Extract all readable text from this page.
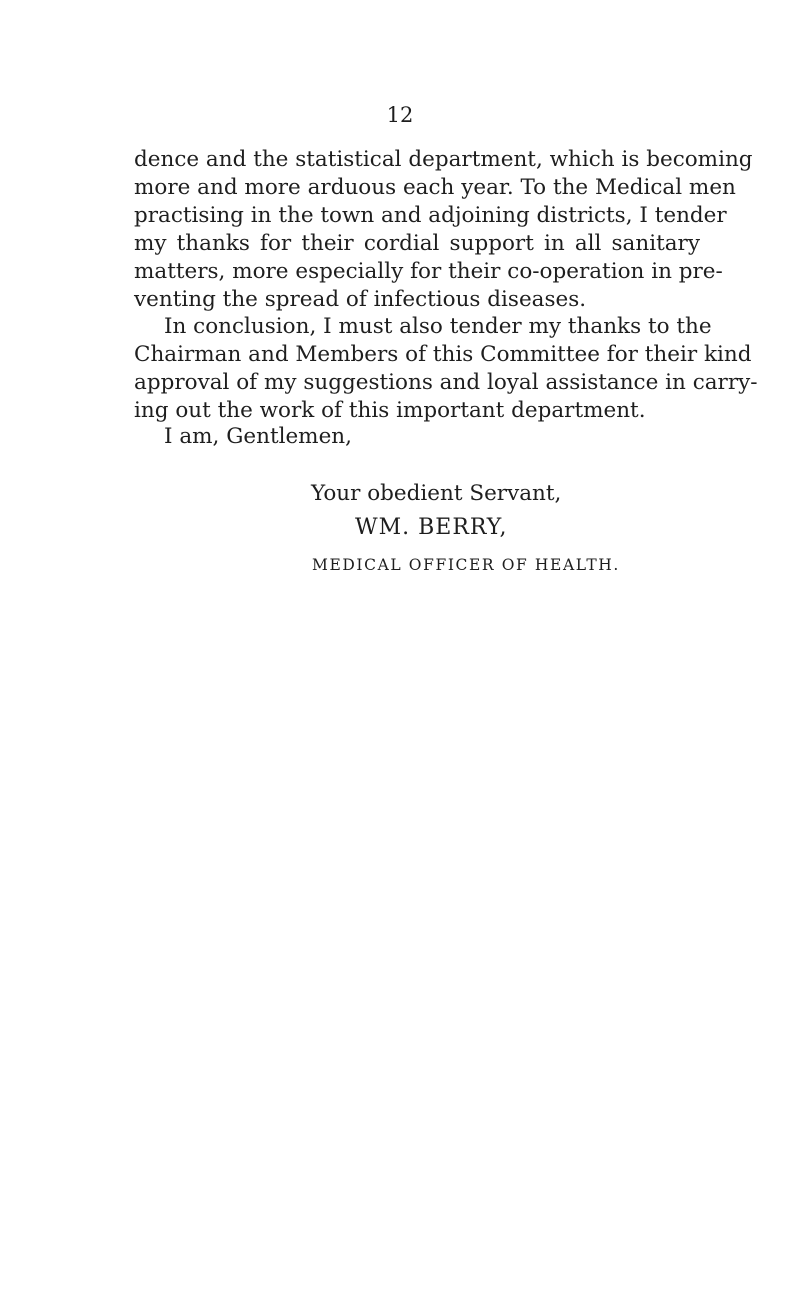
12
dence and the statistical department, which is becoming
more and more arduous each year. To the Medical men
practising in the town and adjoining districts, I tender
my thanks for their cordial support in all sanitary
matters, more especially for their co-operation in pre-
venting the spread of infectious diseases.
In conclusion, I must also tender my thanks to the
Chairman and Members of this Committee for their kind
approval of my suggestions and loyal assistance in carry-
ing out the work of this important department.
I am, Gentlemen,
Your obedient Servant,
WM. BERRY,
MEDICAL OFFICER OF HEALTH.
